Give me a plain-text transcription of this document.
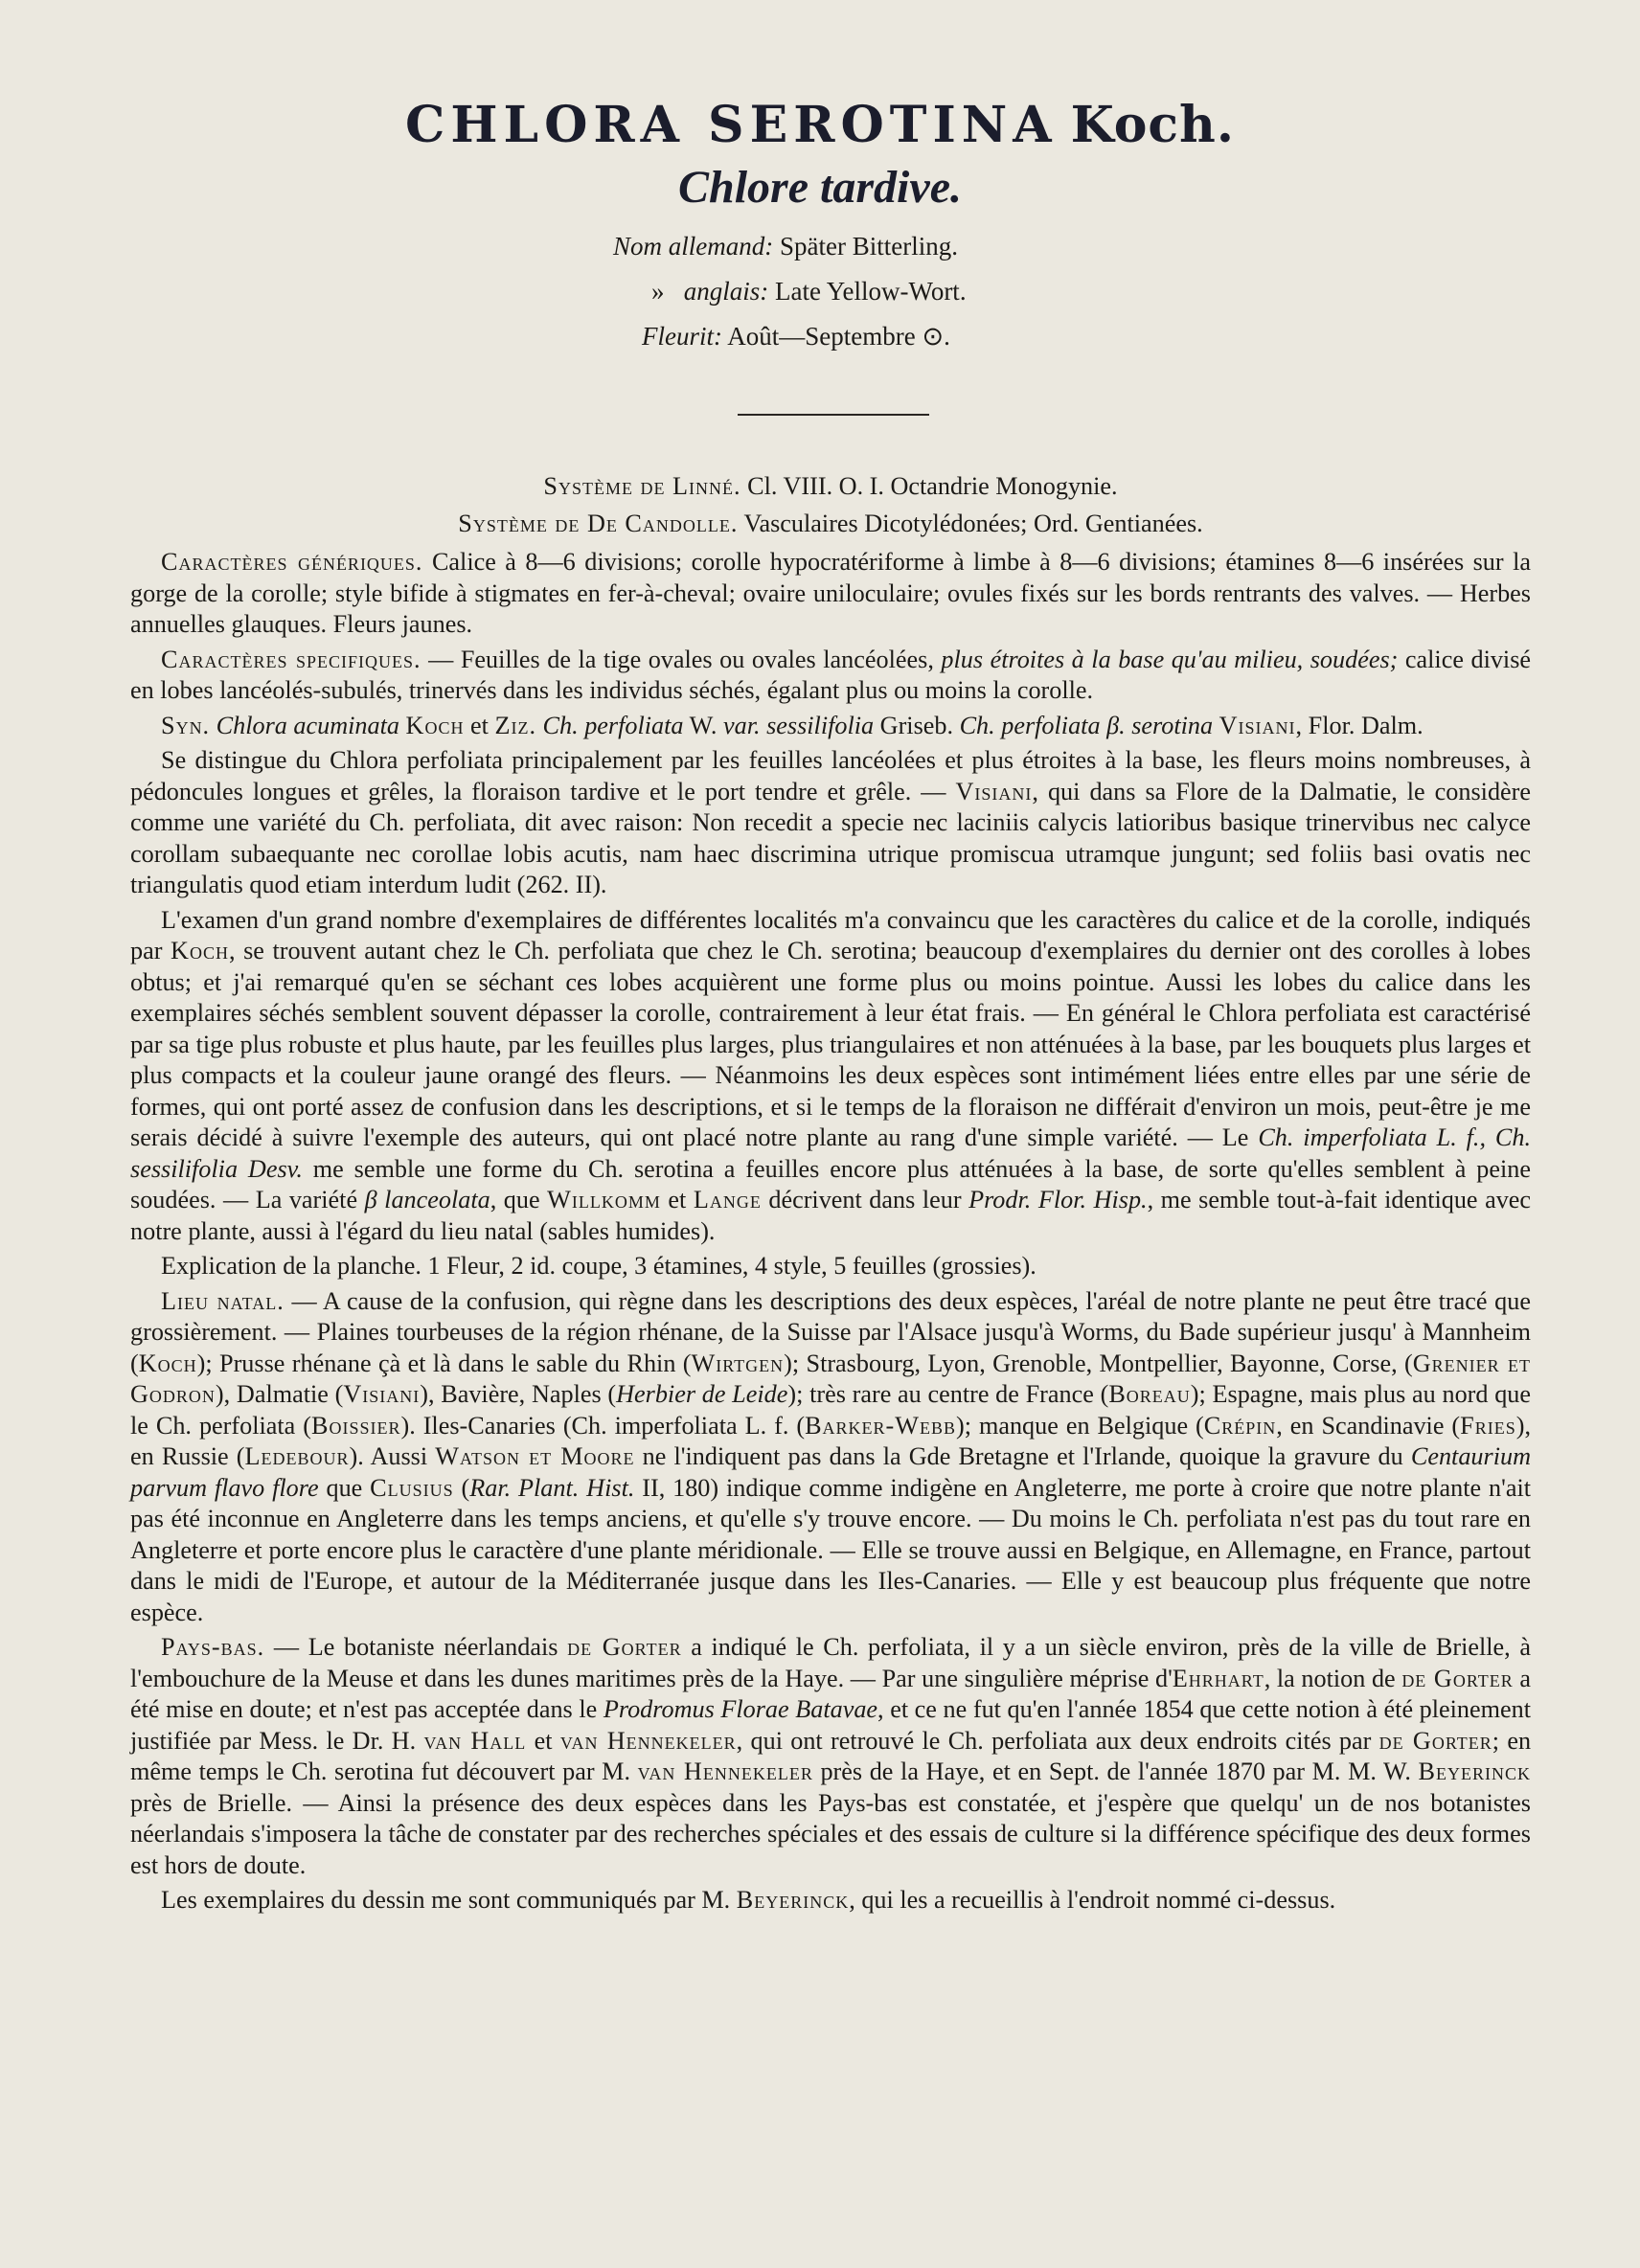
CHLORA SEROTINA Koch.
Chlore tardive.
Nom allemand: Später Bitterling.
» anglais: Late Yellow-Wort.
Fleurit: Août—Septembre ⊙.
Système de Linné. Cl. VIII. O. I. Octandrie Monogynie.
Système de De Candolle. Vasculaires Dicotylédonées; Ord. Gentianées.

Caractères génériques. Calice à 8—6 divisions; corolle hypocratériforme à limbe à 8—6 divisions; étamines 8—6 insérées sur la gorge de la corolle; style bifide à stigmates en fer-à-cheval; ovaire uniloculaire; ovules fixés sur les bords rentrants des valves. — Herbes annuelles glauques. Fleurs jaunes.

Caractères specifiques. — Feuilles de la tige ovales ou ovales lancéolées, plus étroites à la base qu'au milieu, soudées; calice divisé en lobes lancéolés-subulés, trinervés dans les individus séchés, égalant plus ou moins la corolle.

Syn. Chlora acuminata Koch et Ziz. Ch. perfoliata W. var. sessilifolia Griseb. Ch. perfoliata β. serotina Visiani, Flor. Dalm.

Se distingue du Chlora perfoliata principalement par les feuilles lancéolées et plus étroites à la base, les fleurs moins nombreuses, à pédoncules longues et grêles, la floraison tardive et le port tendre et grêle. — Visiani, qui dans sa Flore de la Dalmatie, le considère comme une variété du Ch. perfoliata, dit avec raison: Non recedit a specie nec laciniis calycis latioribus basique trinervibus nec calyce corollam subaequante nec corollae lobis acutis, nam haec discrimina utrique promiscua utramque jungunt; sed foliis basi ovatis nec triangulatis quod etiam interdum ludit (262. II).

L'examen d'un grand nombre d'exemplaires de différentes localités m'a convaincu que les caractères du calice et de la corolle, indiqués par Koch, se trouvent autant chez le Ch. perfoliata que chez le Ch. serotina; beaucoup d'exemplaires du dernier ont des corolles à lobes obtus; et j'ai remarqué qu'en se séchant ces lobes acquièrent une forme plus ou moins pointue. Aussi les lobes du calice dans les exemplaires séchés semblent souvent dépasser la corolle, contrairement à leur état frais. — En général le Chlora perfoliata est caractérisé par sa tige plus robuste et plus haute, par les feuilles plus larges, plus triangulaires et non atténuées à la base, par les bouquets plus larges et plus compacts et la couleur jaune orangé des fleurs. — Néanmoins les deux espèces sont intimément liées entre elles par une série de formes, qui ont porté assez de confusion dans les descriptions, et si le temps de la floraison ne différait d'environ un mois, peut-être je me serais décidé à suivre l'exemple des auteurs, qui ont placé notre plante au rang d'une simple variété. — Le Ch. imperfoliata L. f., Ch. sessilifolia Desv. me semble une forme du Ch. serotina a feuilles encore plus atténuées à la base, de sorte qu'elles semblent à peine soudées. — La variété β lanceolata, que Willkomm et Lange décrivent dans leur Prodr. Flor. Hisp., me semble tout-à-fait identique avec notre plante, aussi à l'égard du lieu natal (sables humides).

Explication de la planche. 1 Fleur, 2 id. coupe, 3 étamines, 4 style, 5 feuilles (grossies).

Lieu natal. — A cause de la confusion, qui règne dans les descriptions des deux espèces, l'aréal de notre plante ne peut être tracé que grossièrement. — Plaines tourbeuses de la région rhénane, de la Suisse par l'Alsace jusqu'à Worms, du Bade supérieur jusqu' à Mannheim (Koch); Prusse rhénane çà et là dans le sable du Rhin (Wirtgen); Strasbourg, Lyon, Grenoble, Montpellier, Bayonne, Corse, (Grenier et Godron), Dalmatie (Visiani), Bavière, Naples (Herbier de Leide); très rare au centre de France (Boreau); Espagne, mais plus au nord que le Ch. perfoliata (Boissier). Iles-Canaries (Ch. imperfoliata L. f. (Barker-Webb); manque en Belgique (Crépin, en Scandinavie (Fries), en Russie (Ledebour). Aussi Watson et Moore ne l'indiquent pas dans la Gde Bretagne et l'Irlande, quoique la gravure du Centaurium parvum flavo flore que Clusius (Rar. Plant. Hist. II, 180) indique comme indigène en Angleterre, me porte à croire que notre plante n'ait pas été inconnue en Angleterre dans les temps anciens, et qu'elle s'y trouve encore. — Du moins le Ch. perfoliata n'est pas du tout rare en Angleterre et porte encore plus le caractère d'une plante méridionale. — Elle se trouve aussi en Belgique, en Allemagne, en France, partout dans le midi de l'Europe, et autour de la Méditerranée jusque dans les Iles-Canaries. — Elle y est beaucoup plus fréquente que notre espèce.

Pays-bas. — Le botaniste néerlandais de Gorter a indiqué le Ch. perfoliata, il y a un siècle environ, près de la ville de Brielle, à l'embouchure de la Meuse et dans les dunes maritimes près de la Haye. — Par une singulière méprise d'Ehrhart, la notion de de Gorter a été mise en doute; et n'est pas acceptée dans le Prodromus Florae Batavae, et ce ne fut qu'en l'année 1854 que cette notion à été pleinement justifiée par Mess. le Dr. H. van Hall et van Hennekeler, qui ont retrouvé le Ch. perfoliata aux deux endroits cités par de Gorter; en même temps le Ch. serotina fut découvert par M. van Hennekeler près de la Haye, et en Sept. de l'année 1870 par M. M. W. Beyerinck près de Brielle. — Ainsi la présence des deux espèces dans les Pays-bas est constatée, et j'espère que quelqu' un de nos botanistes néerlandais s'imposera la tâche de constater par des recherches spéciales et des essais de culture si la différence spécifique des deux formes est hors de doute.

Les exemplaires du dessin me sont communiqués par M. Beyerinck, qui les a recueillis à l'endroit nommé ci-dessus.
